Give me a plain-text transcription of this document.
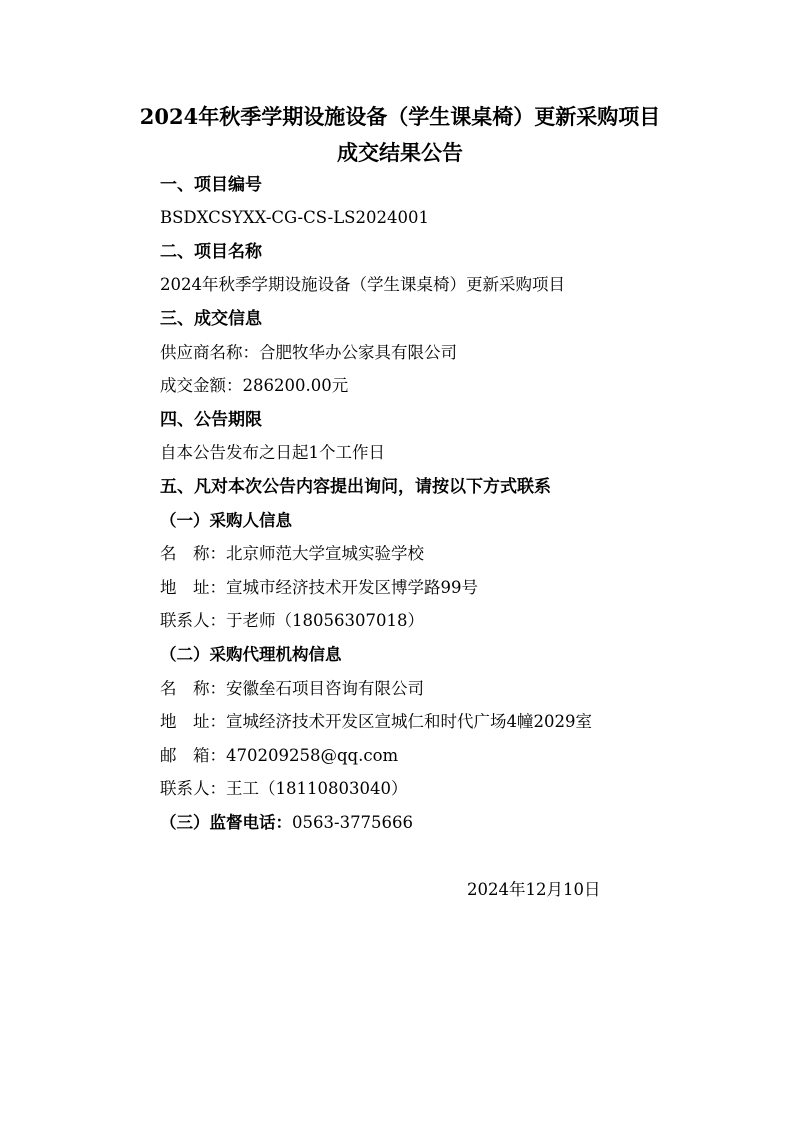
2024年秋季学期设施设备（学生课桌椅）更新采购项目
成交结果公告
一、项目编号
BSDXCSYXX-CG-CS-LS2024001
二、项目名称
2024年秋季学期设施设备（学生课桌椅）更新采购项目
三、成交信息
供应商名称：合肥牧华办公家具有限公司
成交金额：286200.00元
四、公告期限
自本公告发布之日起1个工作日
五、凡对本次公告内容提出询问，请按以下方式联系
（一）采购人信息
名　称：北京师范大学宣城实验学校
地　址：宣城市经济技术开发区博学路99号
联系人：于老师（18056307018）
（二）采购代理机构信息
名　称：安徽垒石项目咨询有限公司
地　址：宣城经济技术开发区宣城仁和时代广场4幢2029室
邮　箱：470209258@qq.com
联系人：王工（18110803040）
（三）监督电话：0563-3775666
2024年12月10日
